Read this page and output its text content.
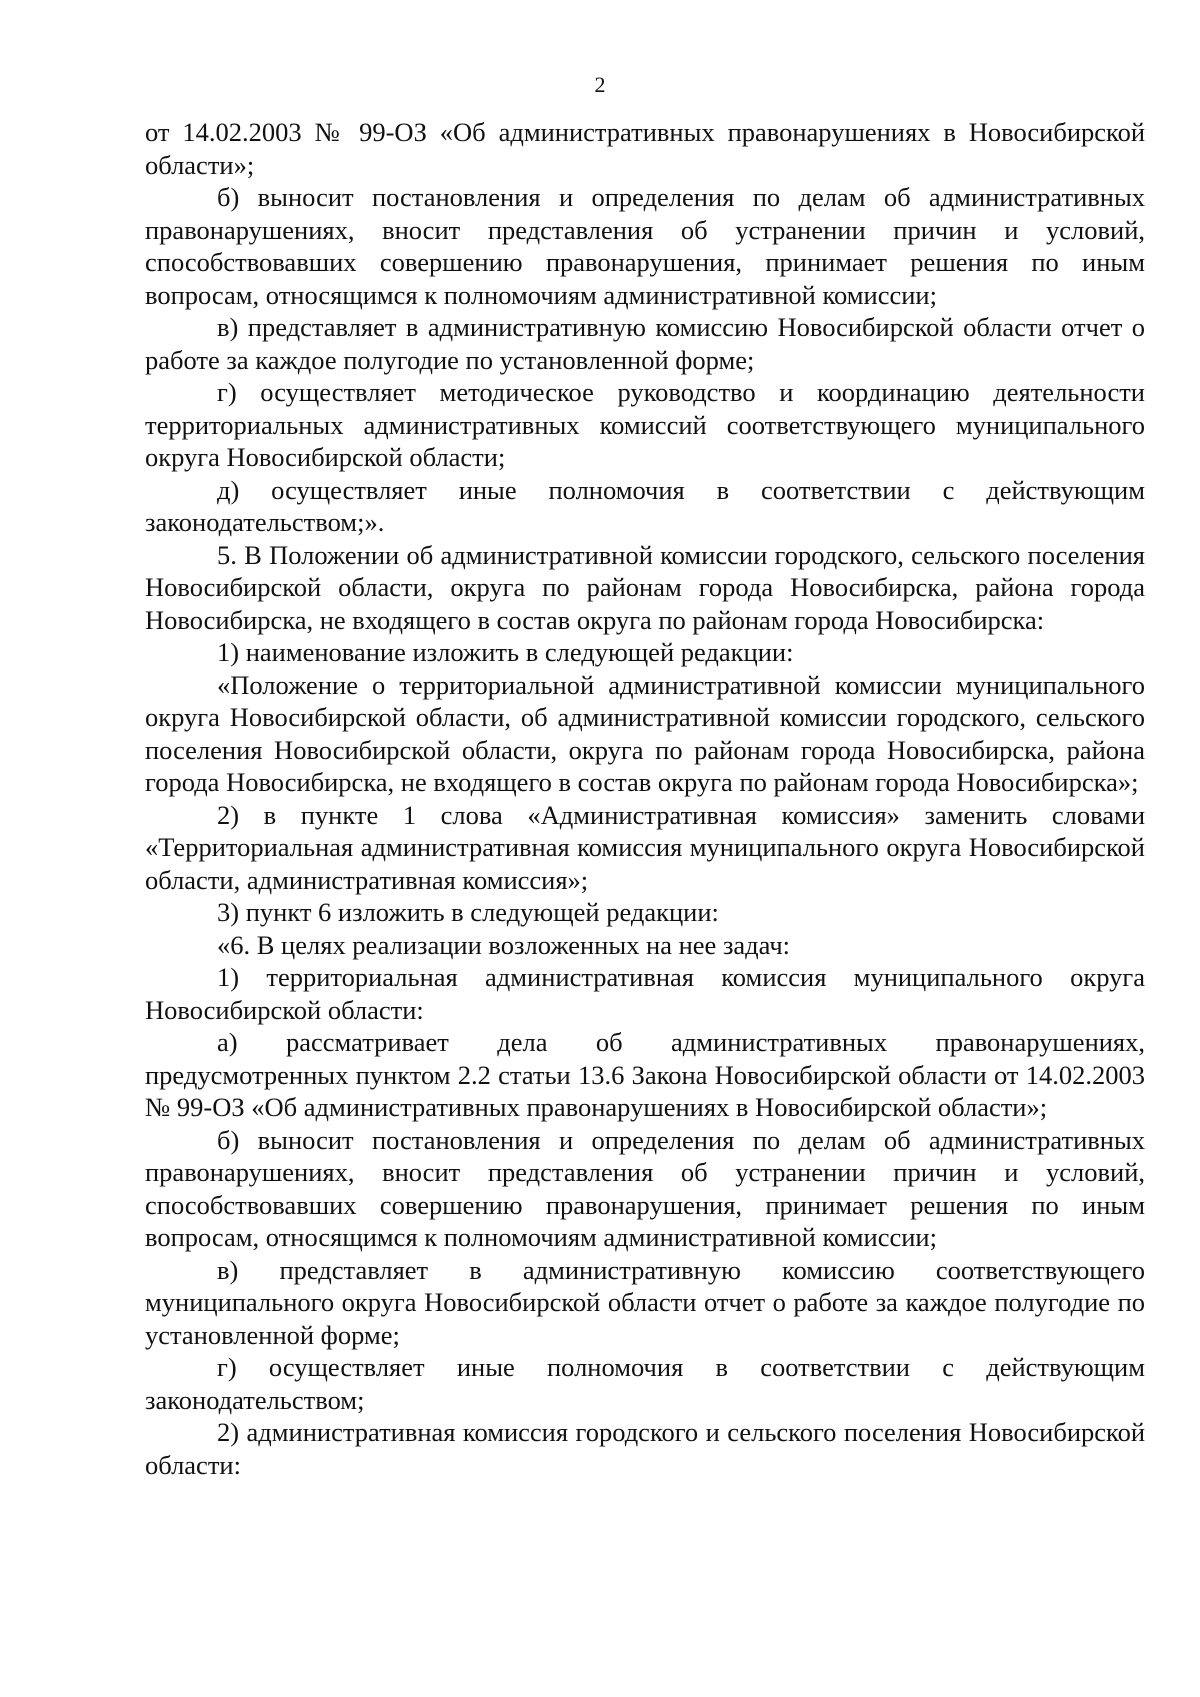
2

от 14.02.2003 № 99-ОЗ «Об административных правонарушениях в Новосибирской области»;

б) выносит постановления и определения по делам об административных правонарушениях, вносит представления об устранении причин и условий, способствовавших совершению правонарушения, принимает решения по иным вопросам, относящимся к полномочиям административной комиссии;

в) представляет в административную комиссию Новосибирской области отчет о работе за каждое полугодие по установленной форме;

г) осуществляет методическое руководство и координацию деятельности территориальных административных комиссий соответствующего муниципального округа Новосибирской области;

д) осуществляет иные полномочия в соответствии с действующим законодательством;».

5. В Положении об административной комиссии городского, сельского поселения Новосибирской области, округа по районам города Новосибирска, района города Новосибирска, не входящего в состав округа по районам города Новосибирска:

1) наименование изложить в следующей редакции:

«Положение о территориальной административной комиссии муниципального округа Новосибирской области, об административной комиссии городского, сельского поселения Новосибирской области, округа по районам города Новосибирска, района города Новосибирска, не входящего в состав округа по районам города Новосибирска»;

2) в пункте 1 слова «Административная комиссия» заменить словами «Территориальная административная комиссия муниципального округа Новосибирской области, административная комиссия»;

3) пункт 6 изложить в следующей редакции:

«6. В целях реализации возложенных на нее задач:

1) территориальная административная комиссия муниципального округа Новосибирской области:

а) рассматривает дела об административных правонарушениях, предусмотренных пунктом 2.2 статьи 13.6 Закона Новосибирской области от 14.02.2003 № 99-ОЗ «Об административных правонарушениях в Новосибирской области»;

б) выносит постановления и определения по делам об административных правонарушениях, вносит представления об устранении причин и условий, способствовавших совершению правонарушения, принимает решения по иным вопросам, относящимся к полномочиям административной комиссии;

в) представляет в административную комиссию соответствующего муниципального округа Новосибирской области отчет о работе за каждое полугодие по установленной форме;

г) осуществляет иные полномочия в соответствии с действующим законодательством;

2) административная комиссия городского и сельского поселения Новосибирской области:
